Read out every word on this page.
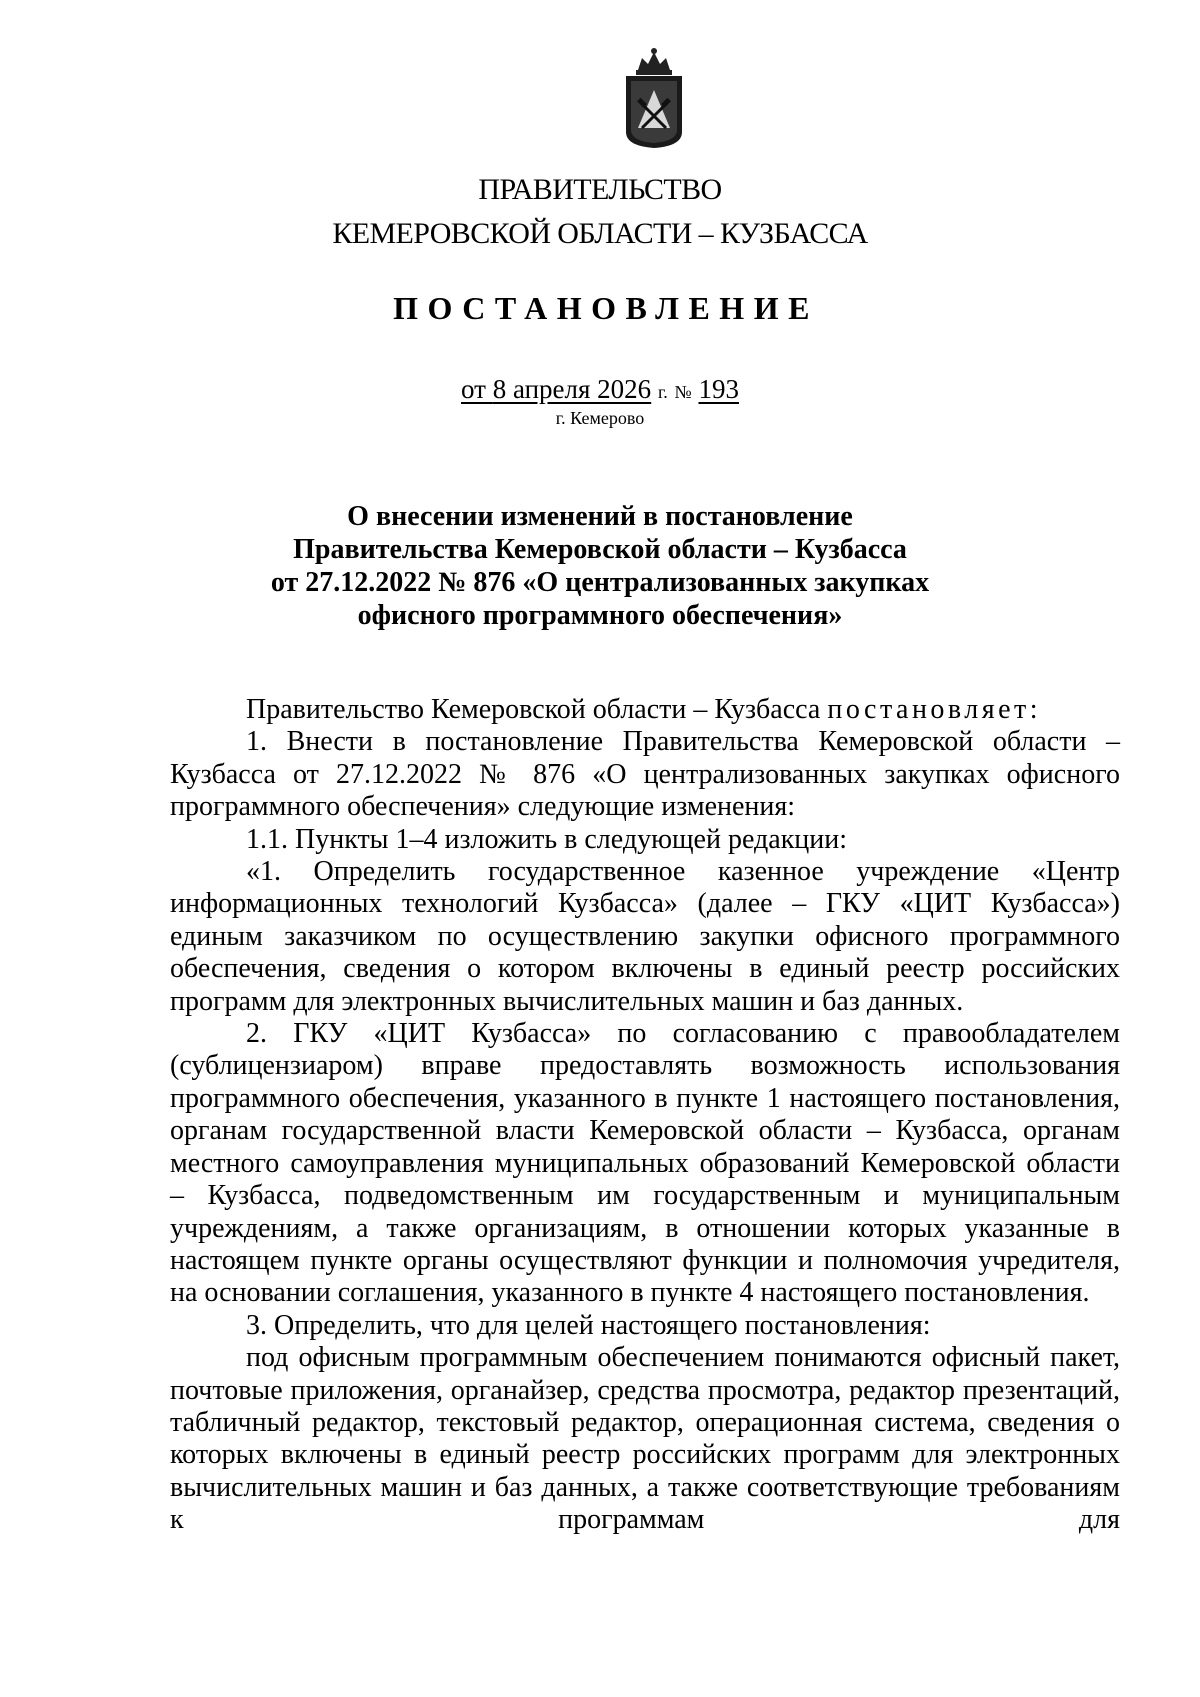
ПРАВИТЕЛЬСТВО
КЕМЕРОВСКОЙ ОБЛАСТИ – КУЗБАССА
ПОСТАНОВЛЕНИЕ
от 8 апреля 2026 г. № 193
г. Кемерово
О внесении изменений в постановление
Правительства Кемеровской области – Кузбасса
от 27.12.2022 № 876 «О централизованных закупках
офисного программного обеспечения»

Правительство Кемеровской области – Кузбасса постановляет:

1. Внести в постановление Правительства Кемеровской области – Кузбасса от 27.12.2022 № 876 «О централизованных закупках офисного программного обеспечения» следующие изменения:

1.1. Пункты 1–4 изложить в следующей редакции:

«1. Определить государственное казенное учреждение «Центр информационных технологий Кузбасса» (далее – ГКУ «ЦИТ Кузбасса») единым заказчиком по осуществлению закупки офисного программного обеспечения, сведения о котором включены в единый реестр российских программ для электронных вычислительных машин и баз данных.

2. ГКУ «ЦИТ Кузбасса» по согласованию с правообладателем (сублицензиаром) вправе предоставлять возможность использования программного обеспечения, указанного в пункте 1 настоящего постановления, органам государственной власти Кемеровской области – Кузбасса, органам местного самоуправления муниципальных образований Кемеровской области – Кузбасса, подведомственным им государственным и муниципальным учреждениям, а также организациям, в отношении которых указанные в настоящем пункте органы осуществляют функции и полномочия учредителя, на основании соглашения, указанного в пункте 4 настоящего постановления.

3. Определить, что для целей настоящего постановления:

под офисным программным обеспечением понимаются офисный пакет, почтовые приложения, органайзер, средства просмотра, редактор презентаций, табличный редактор, текстовый редактор, операционная система, сведения о которых включены в единый реестр российских программ для электронных вычислительных машин и баз данных, а также соответствующие требованиям к программам для
